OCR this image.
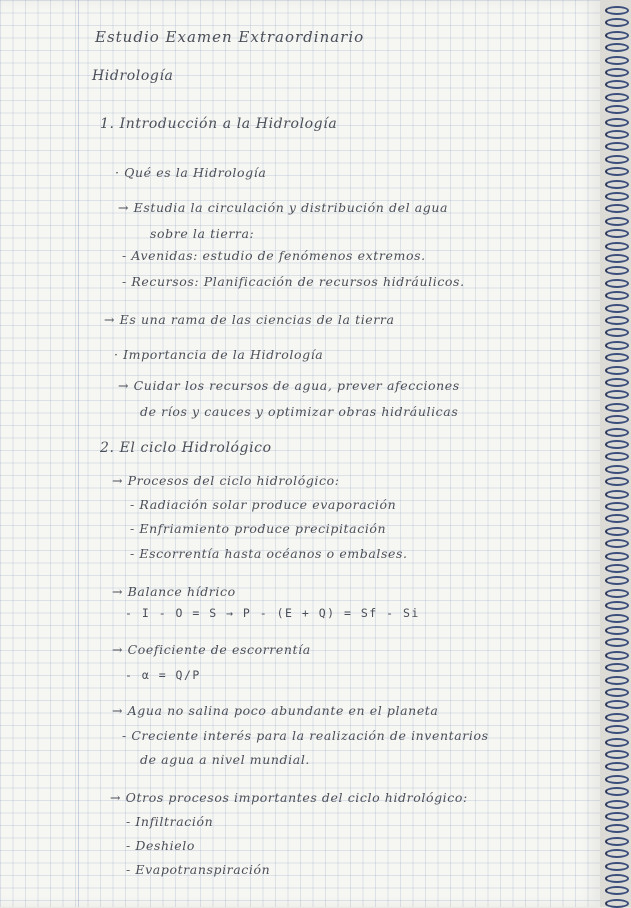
Estudio Examen Extraordinario
Hidrología
1. Introducción a la Hidrología
· Qué es la Hidrología
→ Estudia la circulación y distribución del agua
sobre la tierra:
- Avenidas: estudio de fenómenos extremos.
- Recursos: Planificación de recursos hidráulicos.
→ Es una rama de las ciencias de la tierra
· Importancia de la Hidrología
→ Cuidar los recursos de agua, prever afecciones
de ríos y cauces y optimizar obras hidráulicas
2. El ciclo Hidrológico
→ Procesos del ciclo hidrológico:
- Radiación solar produce evaporación
- Enfriamiento produce precipitación
- Escorrentía hasta océanos o embalses.
→ Balance hídrico
- I - O = S → P - (E + Q) = Sf - Si
→ Coeficiente de escorrentía
- α = Q/P
→ Agua no salina poco abundante en el planeta
- Creciente interés para la realización de inventarios
de agua a nivel mundial.
→ Otros procesos importantes del ciclo hidrológico:
- Infiltración
- Deshielo
- Evapotranspiración
